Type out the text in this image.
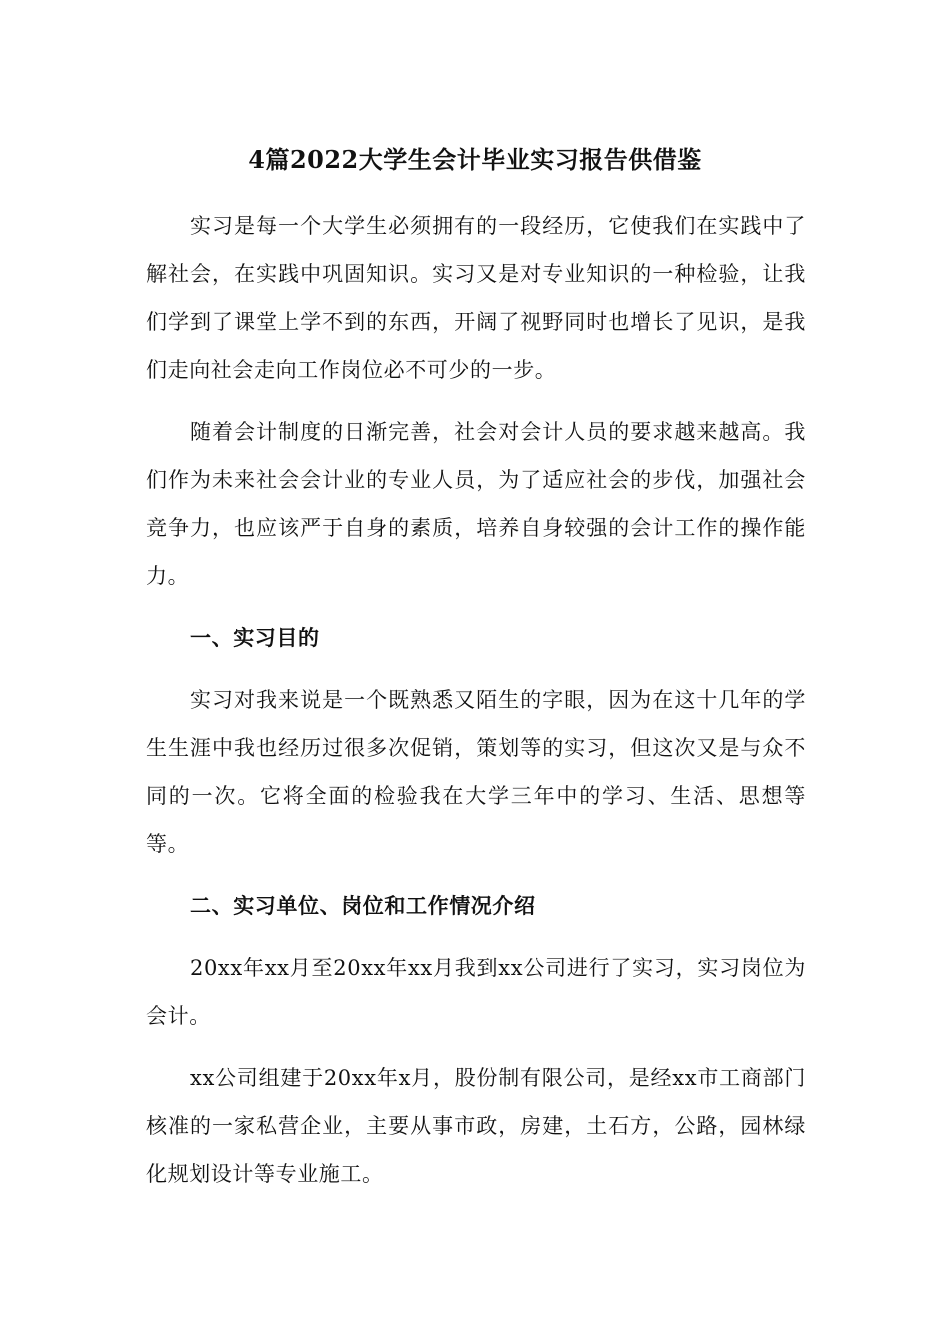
4篇2022大学生会计毕业实习报告供借鉴

实习是每一个大学生必须拥有的一段经历，它使我们在实践中了解社会，在实践中巩固知识。实习又是对专业知识的一种检验，让我们学到了课堂上学不到的东西，开阔了视野同时也增长了见识，是我们走向社会走向工作岗位必不可少的一步。

随着会计制度的日渐完善，社会对会计人员的要求越来越高。我们作为未来社会会计业的专业人员，为了适应社会的步伐，加强社会竞争力，也应该严于自身的素质，培养自身较强的会计工作的操作能力。

一、实习目的

实习对我来说是一个既熟悉又陌生的字眼，因为在这十几年的学生生涯中我也经历过很多次促销，策划等的实习，但这次又是与众不同的一次。它将全面的检验我在大学三年中的学习、生活、思想等等。

二、实习单位、岗位和工作情况介绍

20xx年xx月至20xx年xx月我到xx公司进行了实习，实习岗位为会计。

xx公司组建于20xx年x月，股份制有限公司，是经xx市工商部门核准的一家私营企业，主要从事市政，房建，土石方，公路，园林绿化规划设计等专业施工。
